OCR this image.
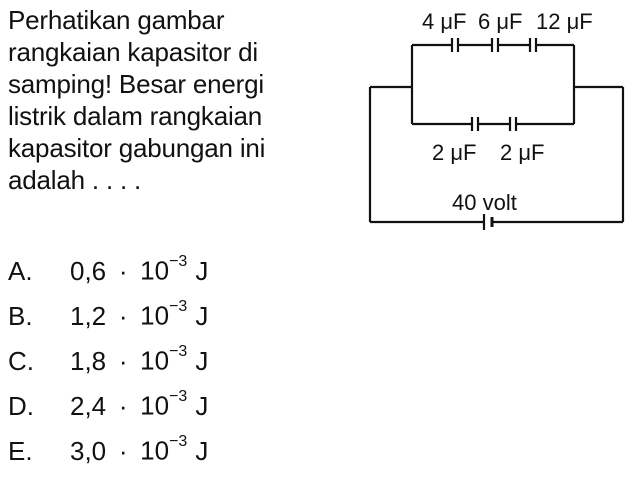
Perhatikan gambar
rangkaian kapasitor di
samping! Besar energi
listrik dalam rangkaian
kapasitor gabungan ini
adalah . . . .
A. $0,6 \cdot 10^{-3}$ J
B. $1,2 \cdot 10^{-3}$ J
C. $1,8 \cdot 10^{-3}$ J
D. $2,4 \cdot 10^{-3}$ J
E. $3,0 \cdot 10^{-3}$ J
4 μF 6 μF 12 μF
2 μF 2 μF
40 volt
